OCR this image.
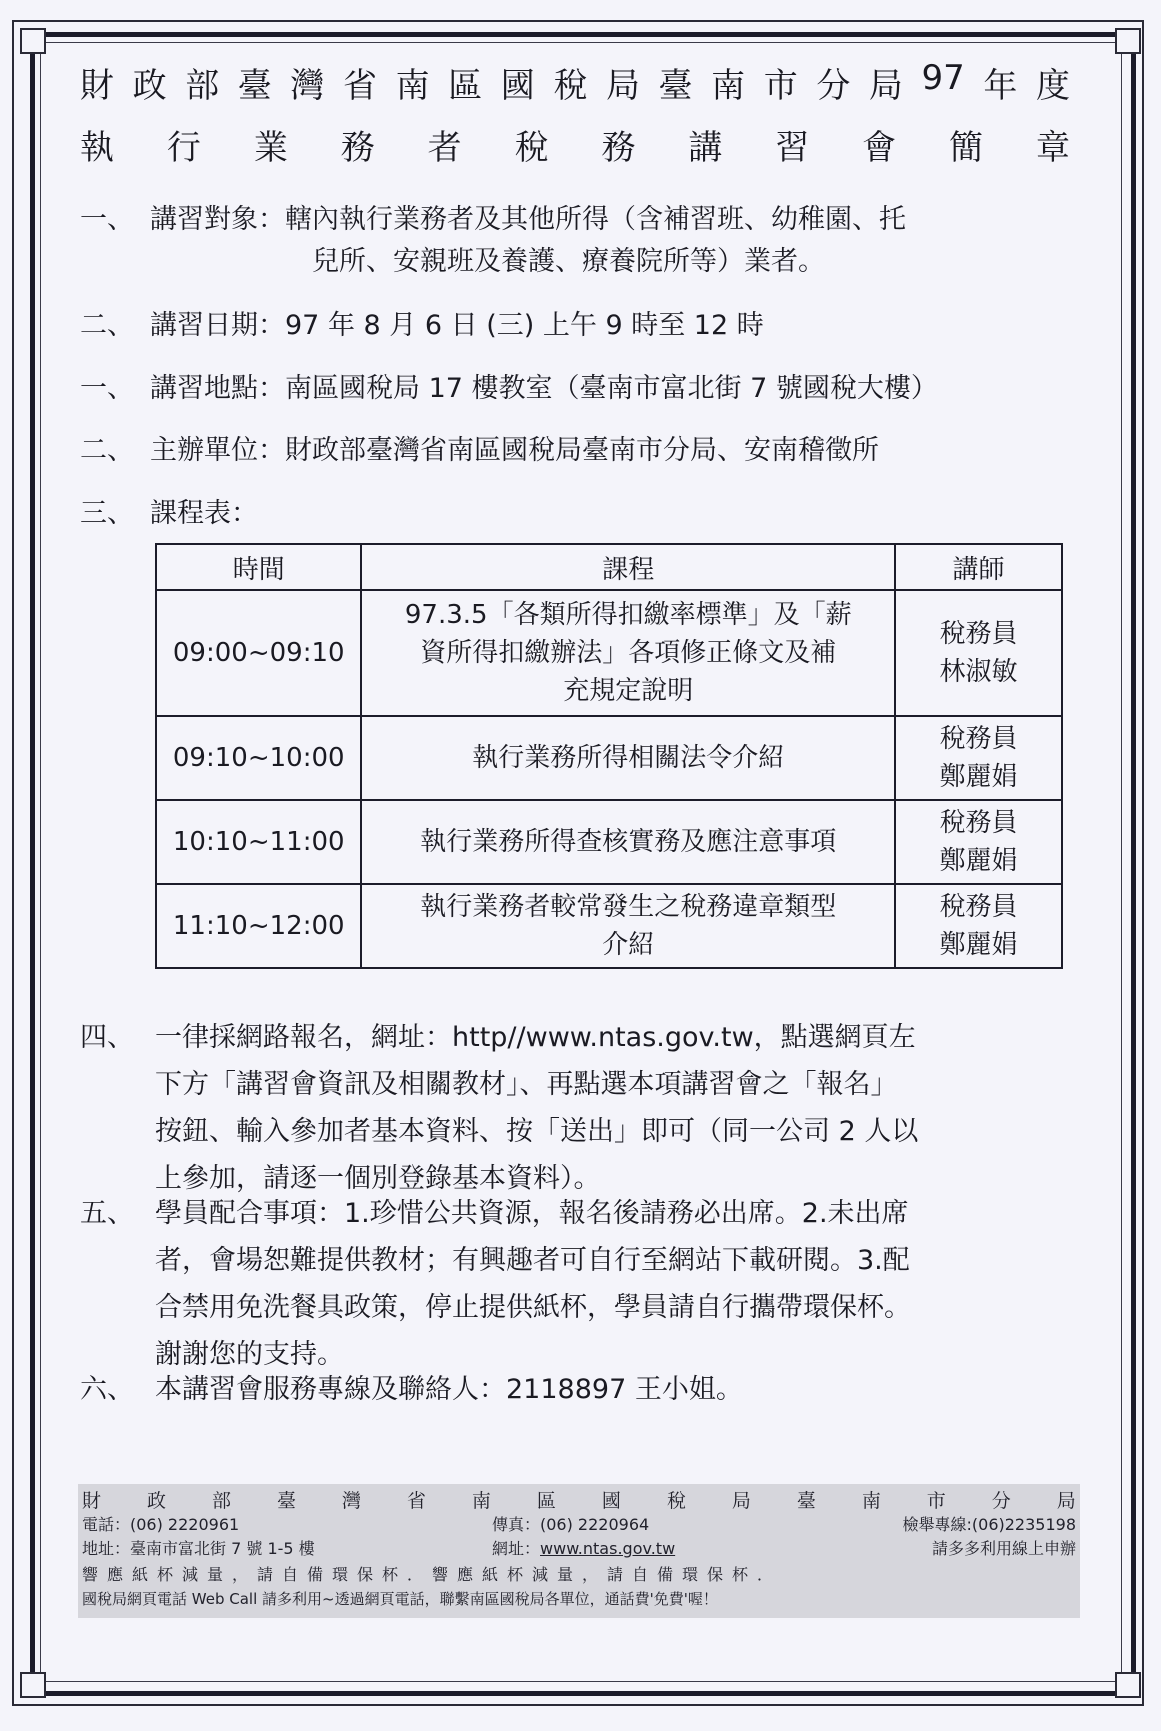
財 政 部 臺 灣 省 南 區 國 稅 局 臺 南 市 分 局 97 年 度
執 行 業 務 者 稅 務 講 習 會 簡 章
一、 講習對象：轄內執行業務者及其他所得（含補習班、幼稚園、托
兒所、安親班及養護、療養院所等）業者。
二、 講習日期：97 年 8 月 6 日 (三) 上午 9 時至 12 時
一、 講習地點：南區國稅局 17 樓教室（臺南市富北街 7 號國稅大樓）
二、 主辦單位：財政部臺灣省南區國稅局臺南市分局、安南稽徵所
三、 課程表：
時間	課程	講師
09:00~09:10	97.3.5「各類所得扣繳率標準」及「薪
資所得扣繳辦法」各項修正條文及補
充規定說明	稅務員
林淑敏

09:10~10:00	執行業務所得相關法令介紹	稅務員
鄭麗娟

10:10~11:00	執行業務所得查核實務及應注意事項	稅務員
鄭麗娟

11:10~12:00	執行業務者較常發生之稅務違章類型
介紹	稅務員
鄭麗娟
四、 一律採網路報名，網址：http//www.ntas.gov.tw，點選網頁左
下方「講習會資訊及相關教材」、再點選本項講習會之「報名」
按鈕、輸入參加者基本資料、按「送出」即可（同一公司 2 人以
上參加，請逐一個別登錄基本資料）。
五、 學員配合事項：1.珍惜公共資源，報名後請務必出席。2.未出席
者，會場恕難提供教材；有興趣者可自行至網站下載研閱。3.配
合禁用免洗餐具政策，停止提供紙杯，學員請自行攜帶環保杯。
謝謝您的支持。
六、 本講習會服務專線及聯絡人：2118897 王小姐。
財 政 部 臺 灣 省 南 區 國 稅 局 臺 南 市 分 局
電話：(06) 2220961	傳真：(06) 2220964	檢舉專線:(06)2235198
地址：臺南市富北街 7 號 1-5 樓	網址：www.ntas.gov.tw	請多多利用線上申辦
響應紙杯減量，請自備環保杯．響應紙杯減量，請自備環保杯．
國稅局網頁電話 Web Call 請多利用~透過網頁電話，聯繫南區國稅局各單位，通話費'免費'喔！
